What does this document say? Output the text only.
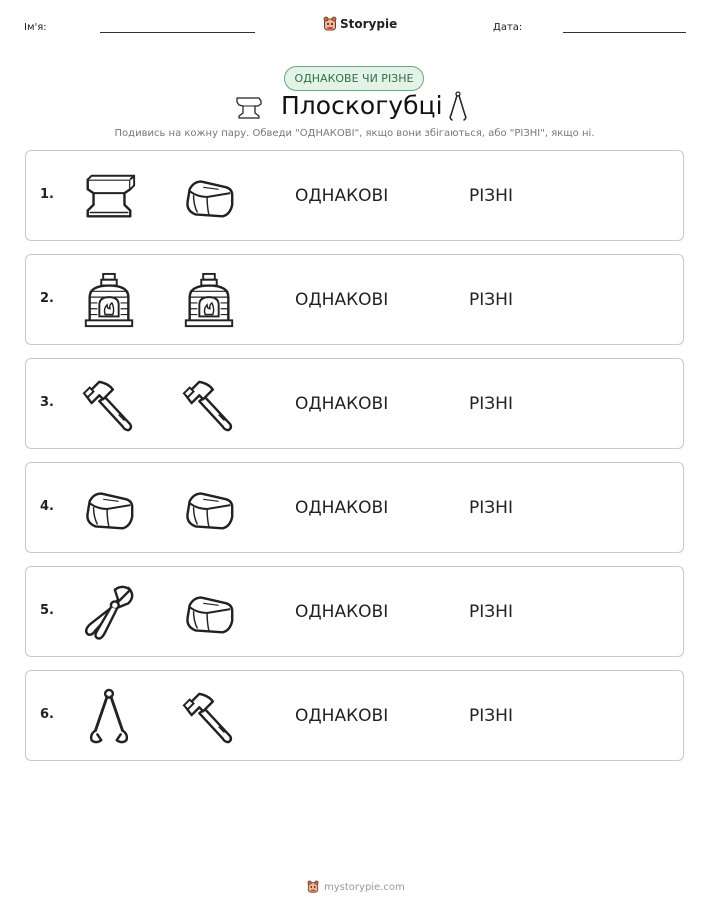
Ім'я:	Storypie	Дата:
ОДНАКОВЕ ЧИ РІЗНЕ
Плоскогубці
Подивись на кожну пару. Обведи "ОДНАКОВІ", якщо вони збігаються, або "РІЗНІ", якщо ні.
1.	ОДНАКОВІ	РІЗНІ
2.	ОДНАКОВІ	РІЗНІ
3.	ОДНАКОВІ	РІЗНІ
4.	ОДНАКОВІ	РІЗНІ
5.	ОДНАКОВІ	РІЗНІ
6.	ОДНАКОВІ	РІЗНІ
mystorypie.com
